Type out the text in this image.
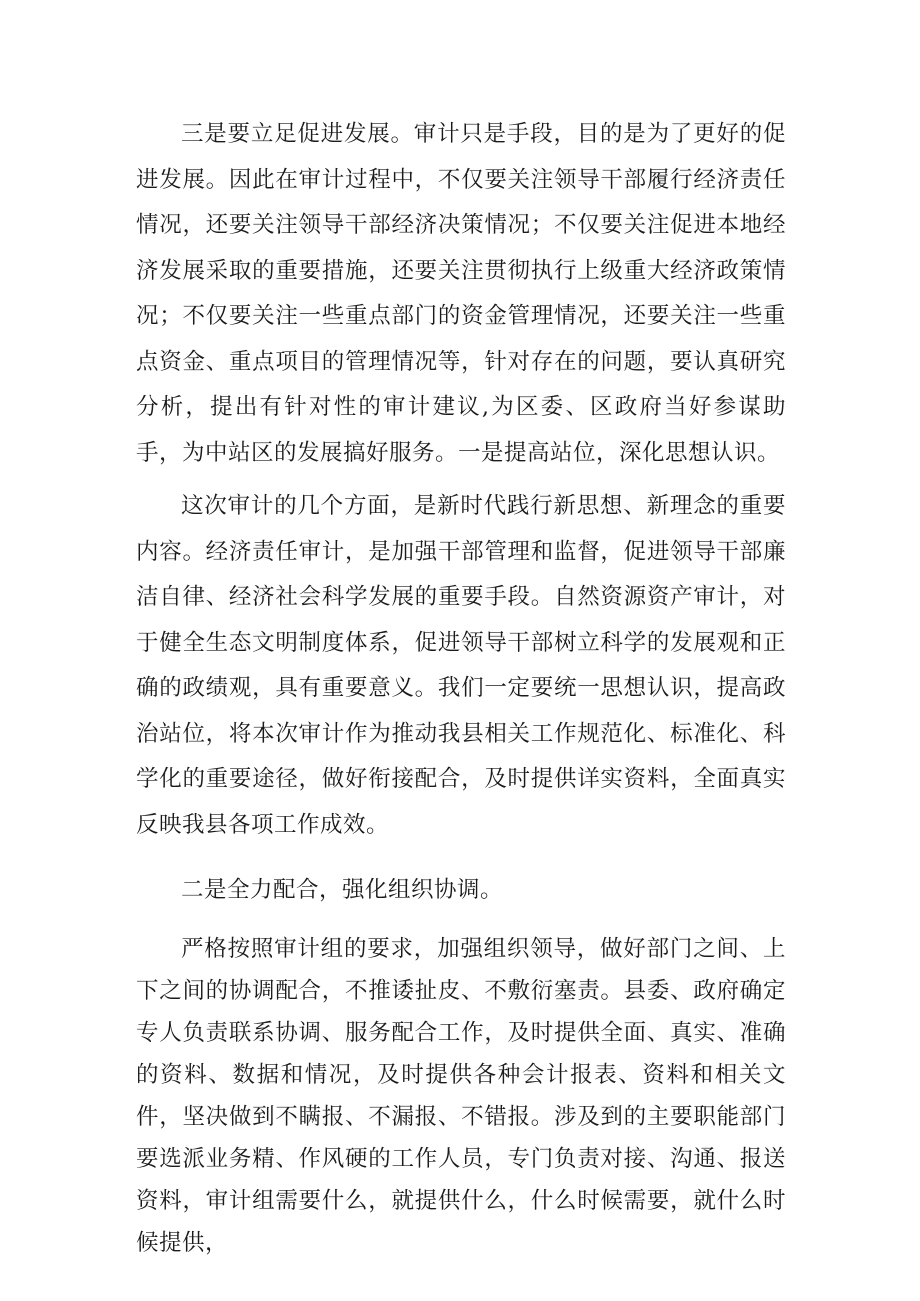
三是要立足促进发展。审计只是手段，目的是为了更好的促进发展。因此在审计过程中，不仅要关注领导干部履行经济责任情况，还要关注领导干部经济决策情况；不仅要关注促进本地经济发展采取的重要措施，还要关注贯彻执行上级重大经济政策情况；不仅要关注一些重点部门的资金管理情况，还要关注一些重点资金、重点项目的管理情况等，针对存在的问题，要认真研究分析，提出有针对性的审计建议,为区委、区政府当好参谋助手，为中站区的发展搞好服务。一是提高站位，深化思想认识。

这次审计的几个方面，是新时代践行新思想、新理念的重要内容。经济责任审计，是加强干部管理和监督，促进领导干部廉洁自律、经济社会科学发展的重要手段。自然资源资产审计，对于健全生态文明制度体系，促进领导干部树立科学的发展观和正确的政绩观，具有重要意义。我们一定要统一思想认识，提高政治站位，将本次审计作为推动我县相关工作规范化、标准化、科学化的重要途径，做好衔接配合，及时提供详实资料，全面真实反映我县各项工作成效。

二是全力配合，强化组织协调。

严格按照审计组的要求，加强组织领导，做好部门之间、上下之间的协调配合，不推诿扯皮、不敷衍塞责。县委、政府确定专人负责联系协调、服务配合工作，及时提供全面、真实、准确的资料、数据和情况，及时提供各种会计报表、资料和相关文件，坚决做到不瞒报、不漏报、不错报。涉及到的主要职能部门要选派业务精、作风硬的工作人员，专门负责对接、沟通、报送资料，审计组需要什么，就提供什么，什么时候需要，就什么时候提供，
